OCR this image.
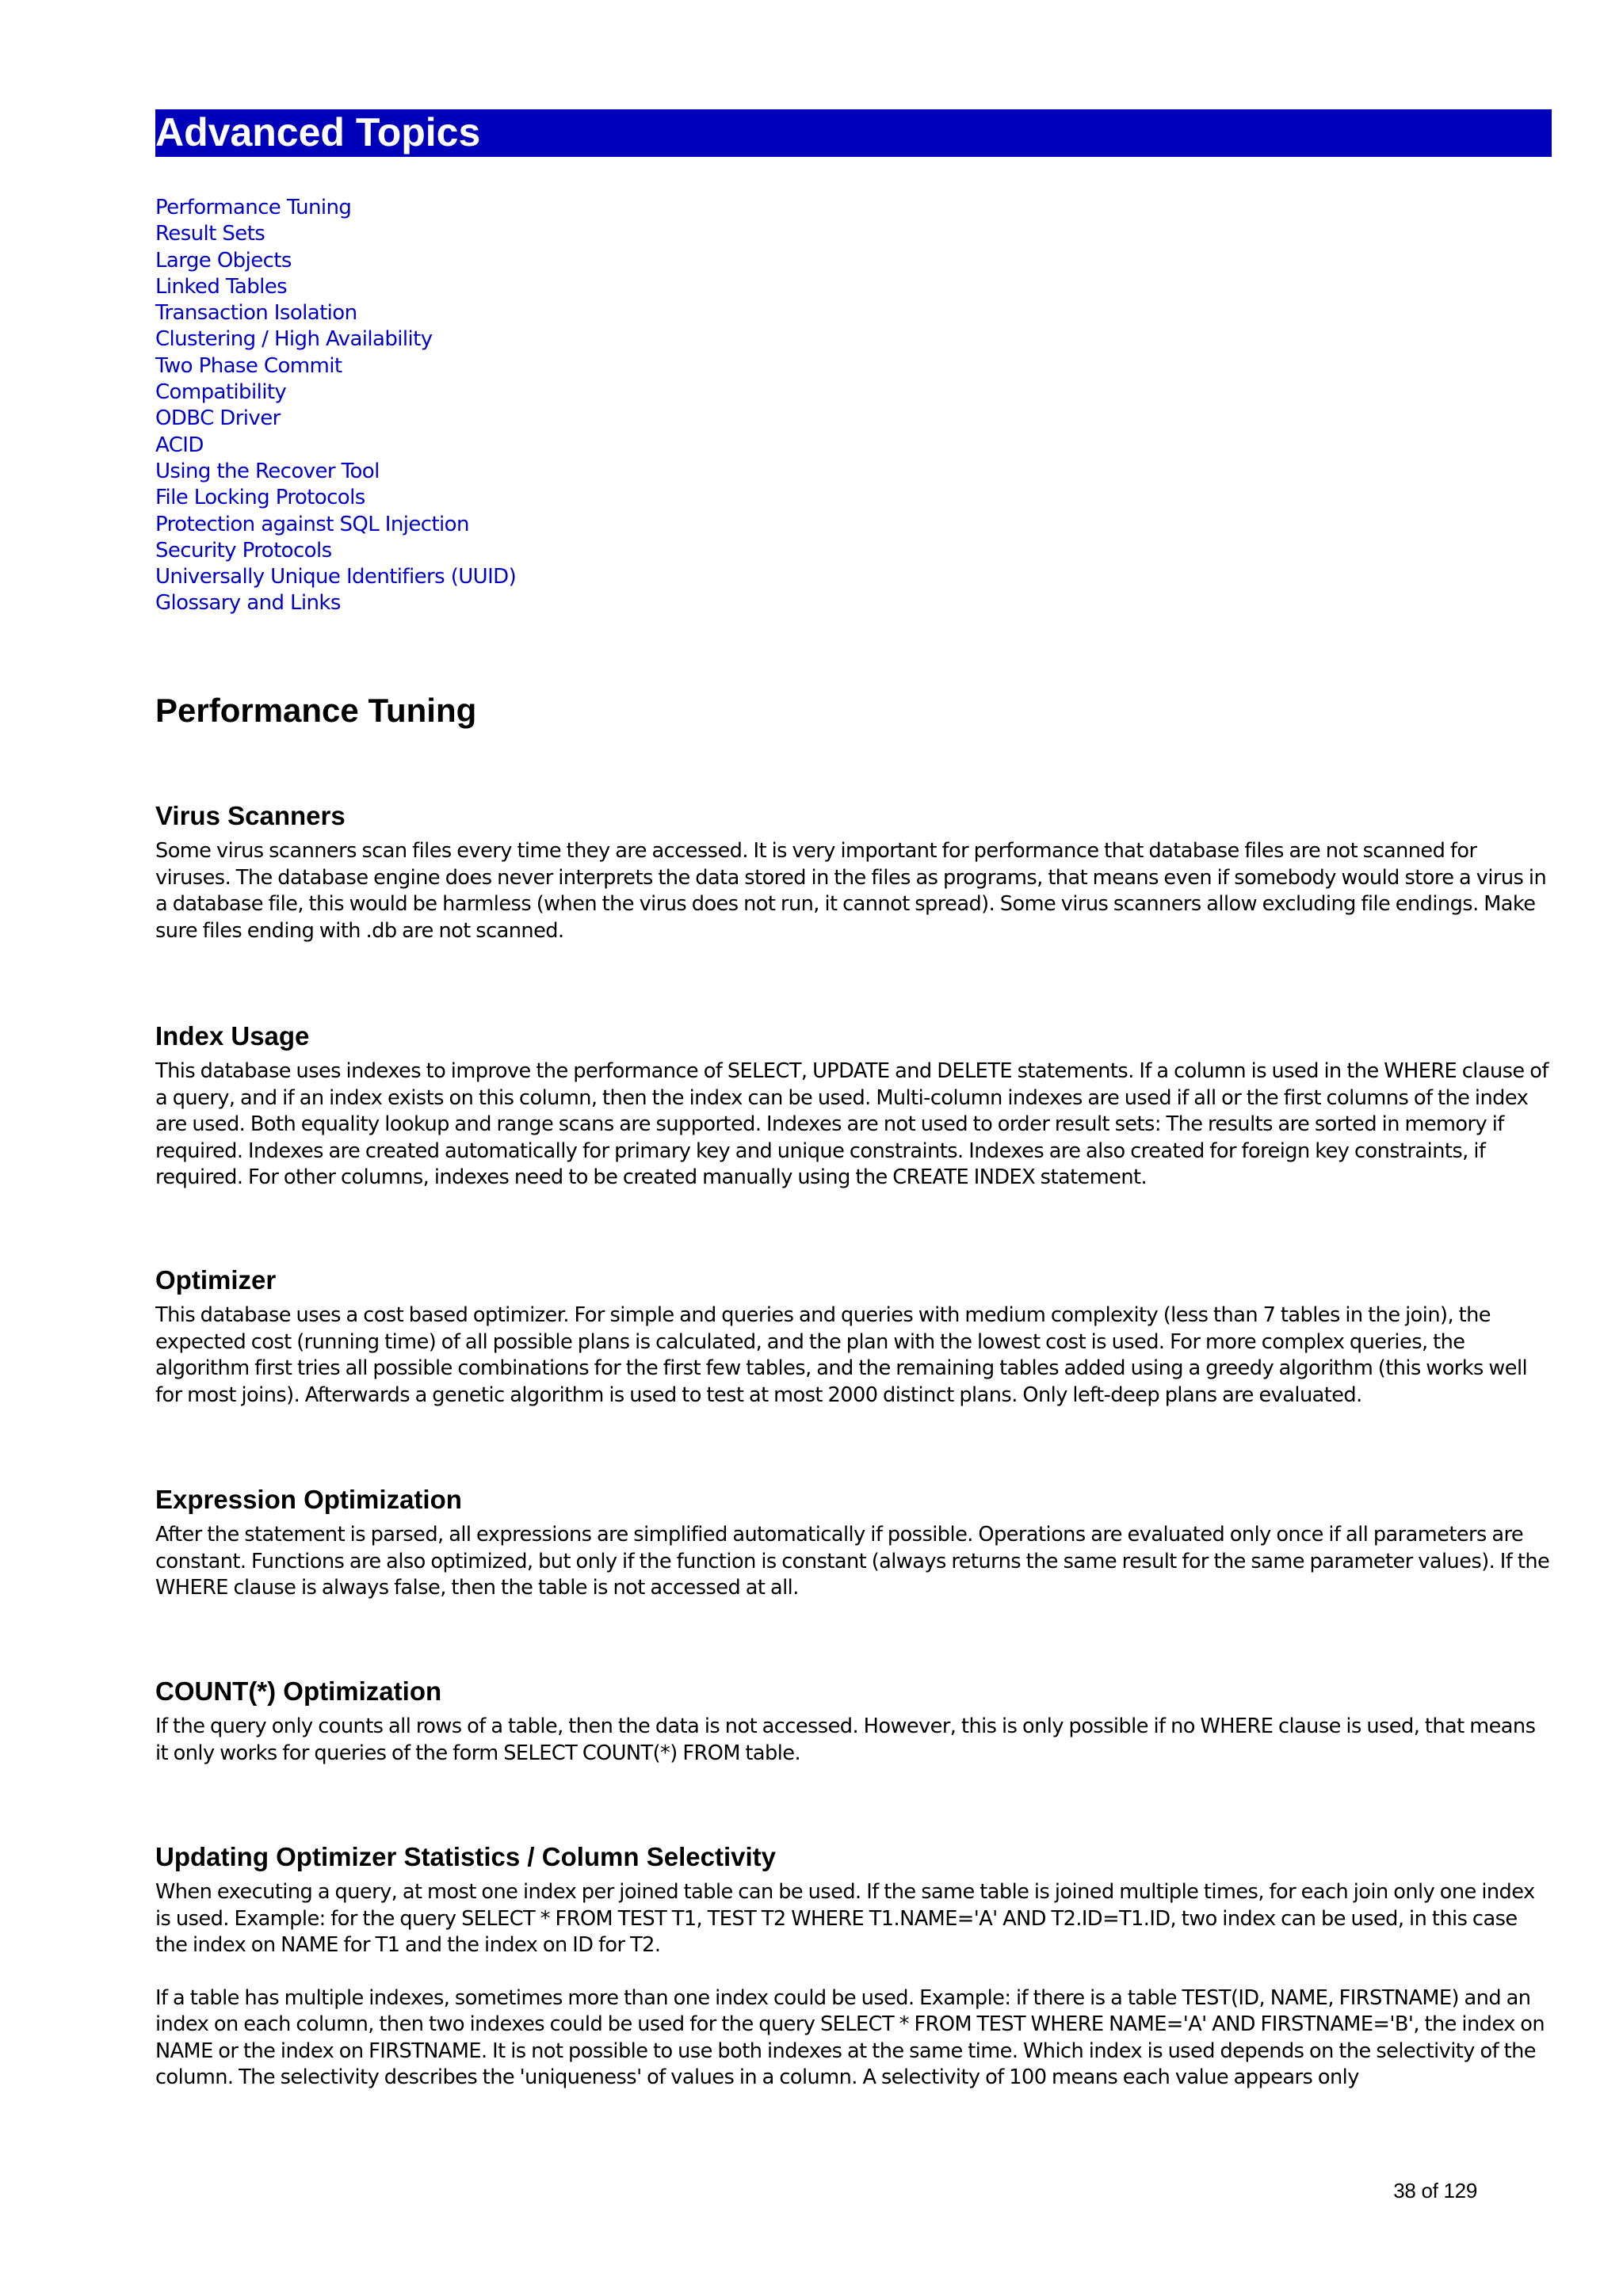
Advanced Topics
Performance Tuning
Result Sets
Large Objects
Linked Tables
Transaction Isolation
Clustering / High Availability
Two Phase Commit
Compatibility
ODBC Driver
ACID
Using the Recover Tool
File Locking Protocols
Protection against SQL Injection
Security Protocols
Universally Unique Identifiers (UUID)
Glossary and Links
Performance Tuning
Virus Scanners

Some virus scanners scan files every time they are accessed. It is very important for performance that database files are not scanned for viruses. The database engine does never interprets the data stored in the files as programs, that means even if somebody would store a virus in a database file, this would be harmless (when the virus does not run, it cannot spread). Some virus scanners allow excluding file endings. Make sure files ending with .db are not scanned.

Index Usage

This database uses indexes to improve the performance of SELECT, UPDATE and DELETE statements. If a column is used in the WHERE clause of a query, and if an index exists on this column, then the index can be used. Multi-column indexes are used if all or the first columns of the index are used. Both equality lookup and range scans are supported. Indexes are not used to order result sets: The results are sorted in memory if required. Indexes are created automatically for primary key and unique constraints. Indexes are also created for foreign key constraints, if required. For other columns, indexes need to be created manually using the CREATE INDEX statement.

Optimizer

This database uses a cost based optimizer. For simple and queries and queries with medium complexity (less than 7 tables in the join), the expected cost (running time) of all possible plans is calculated, and the plan with the lowest cost is used. For more complex queries, the algorithm first tries all possible combinations for the first few tables, and the remaining tables added using a greedy algorithm (this works well for most joins). Afterwards a genetic algorithm is used to test at most 2000 distinct plans. Only left-deep plans are evaluated.

Expression Optimization

After the statement is parsed, all expressions are simplified automatically if possible. Operations are evaluated only once if all parameters are constant. Functions are also optimized, but only if the function is constant (always returns the same result for the same parameter values). If the WHERE clause is always false, then the table is not accessed at all.

COUNT(*) Optimization

If the query only counts all rows of a table, then the data is not accessed. However, this is only possible if no WHERE clause is used, that means it only works for queries of the form SELECT COUNT(*) FROM table.

Updating Optimizer Statistics / Column Selectivity

When executing a query, at most one index per joined table can be used. If the same table is joined multiple times, for each join only one index is used. Example: for the query SELECT * FROM TEST T1, TEST T2 WHERE T1.NAME='A' AND T2.ID=T1.ID, two index can be used, in this case the index on NAME for T1 and the index on ID for T2.

If a table has multiple indexes, sometimes more than one index could be used. Example: if there is a table TEST(ID, NAME, FIRSTNAME) and an index on each column, then two indexes could be used for the query SELECT * FROM TEST WHERE NAME='A' AND FIRSTNAME='B', the index on NAME or the index on FIRSTNAME. It is not possible to use both indexes at the same time. Which index is used depends on the selectivity of the column. The selectivity describes the 'uniqueness' of values in a column. A selectivity of 100 means each value appears only

38 of 129
